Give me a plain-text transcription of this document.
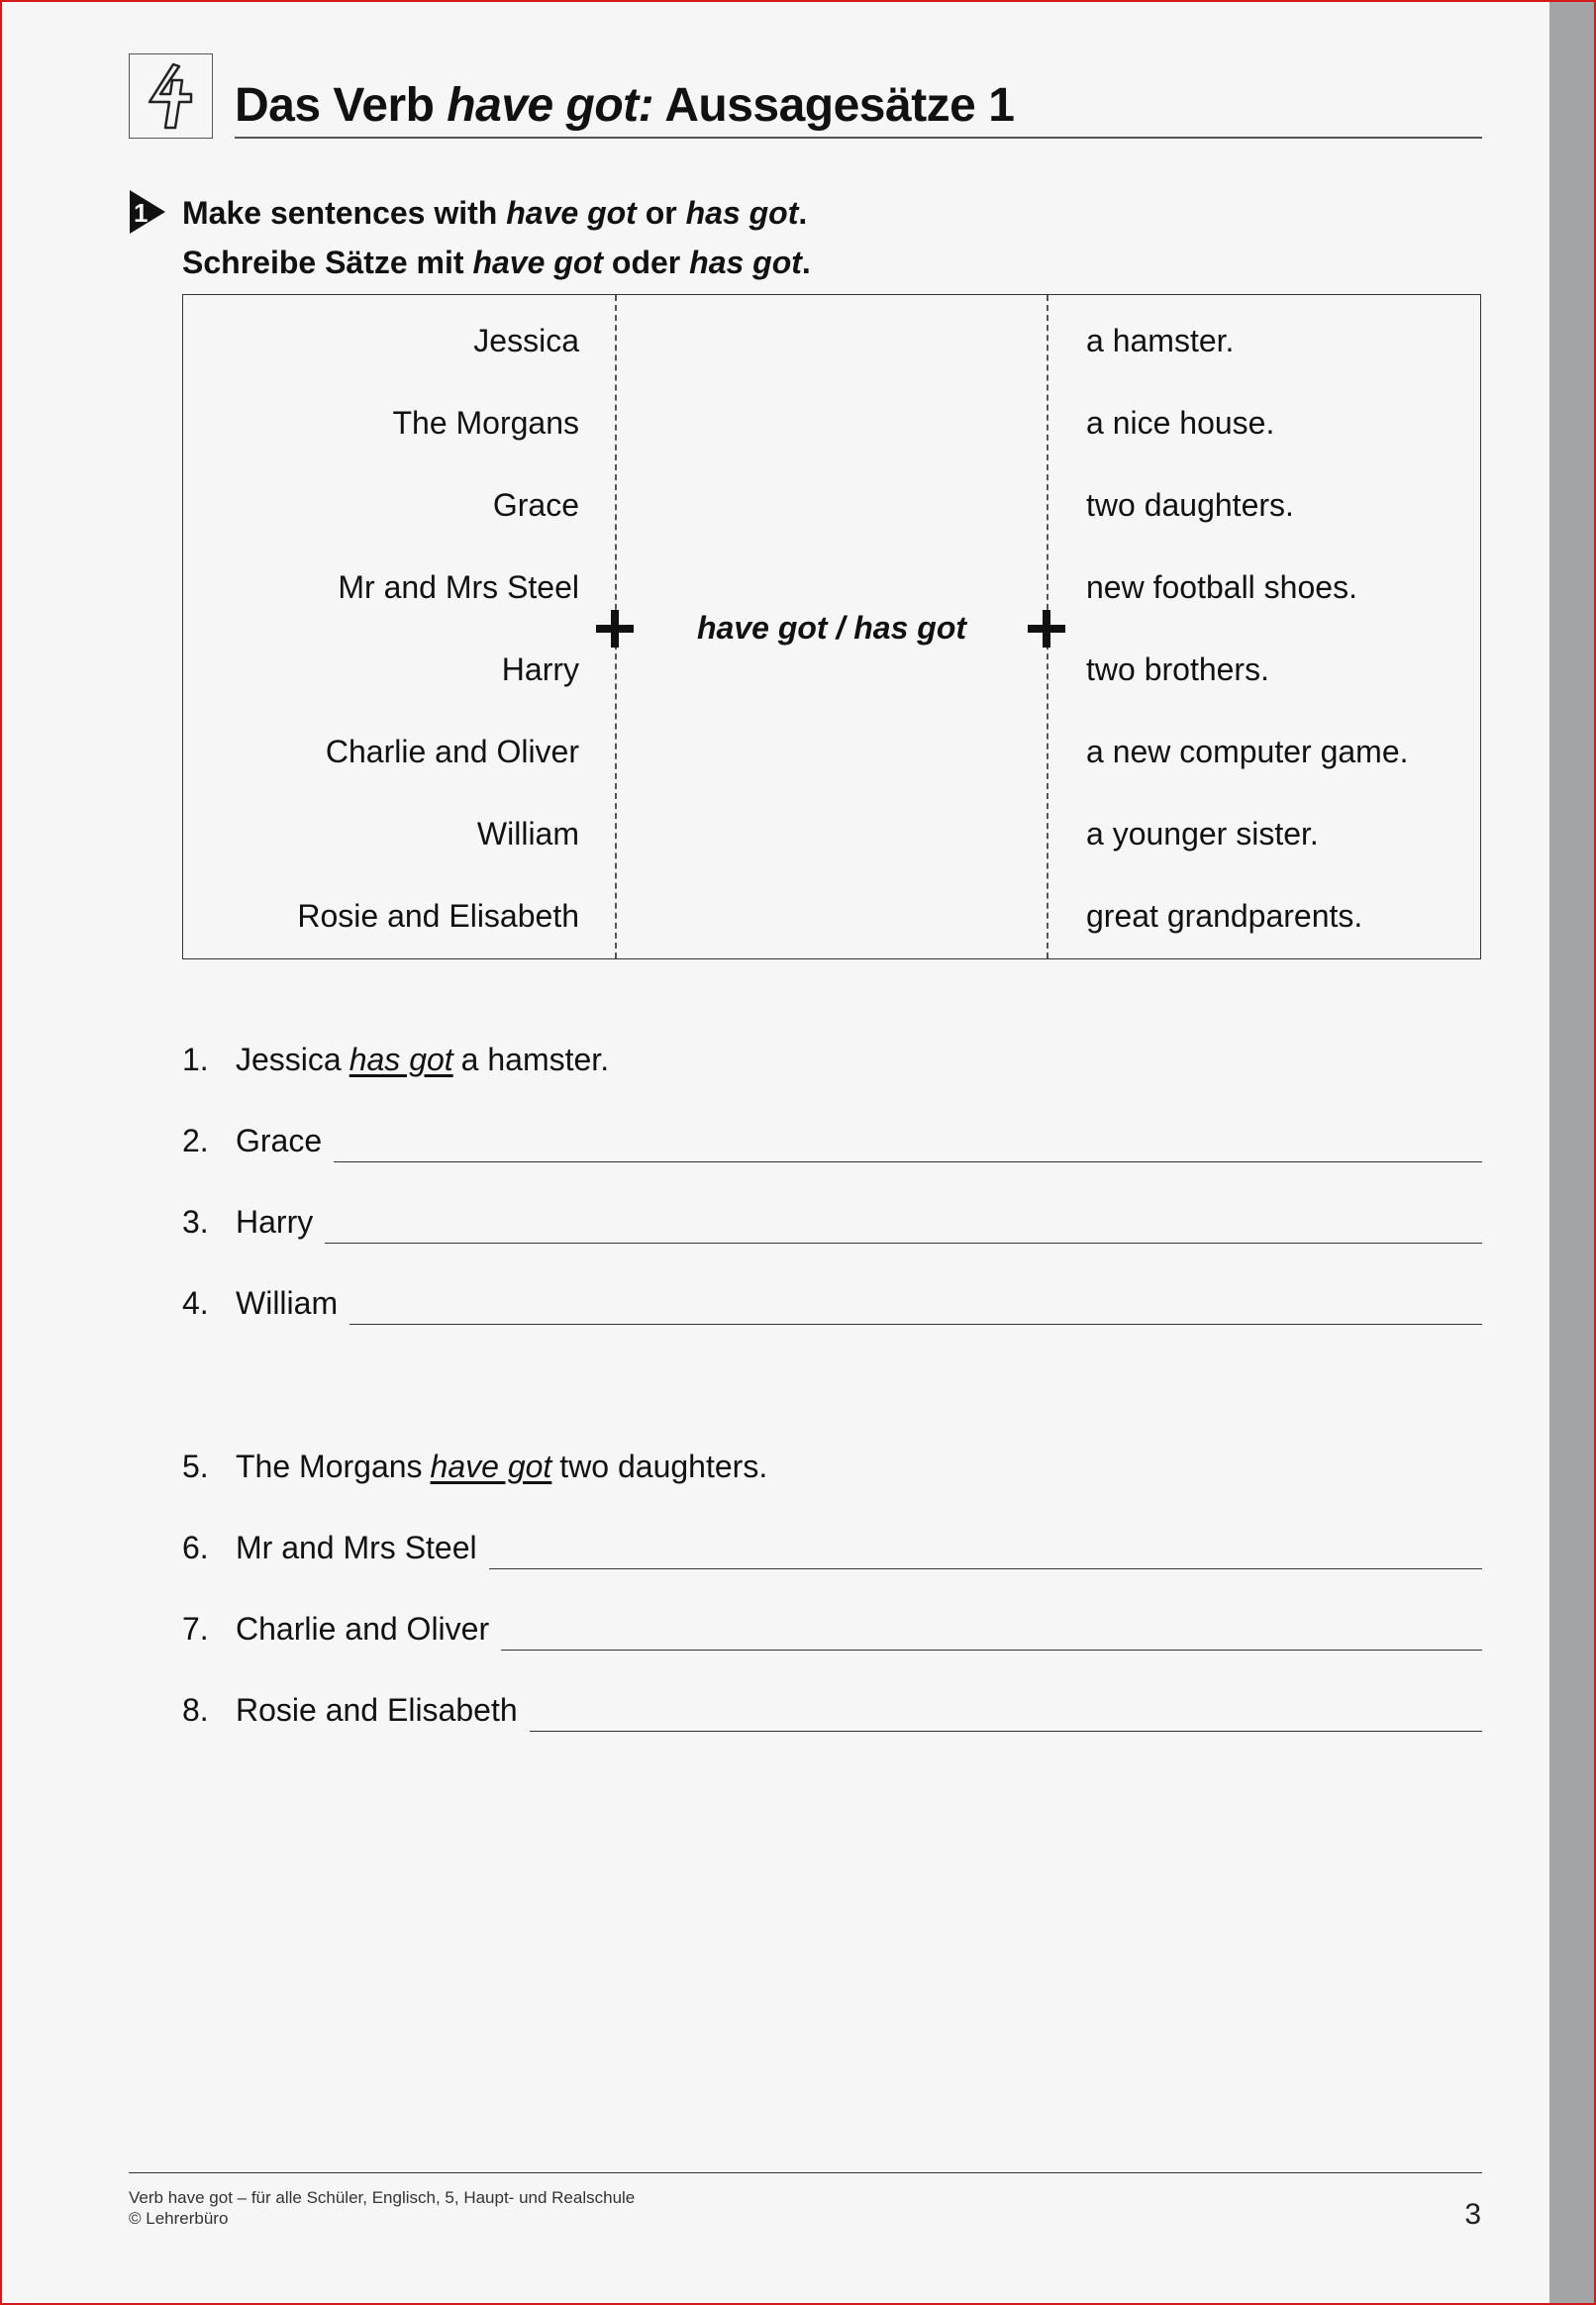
Das Verb have got: Aussagesätze 1
1 Make sentences with have got or has got.
Schreibe Sätze mit have got oder has got.
Jessica
The Morgans
Grace
Mr and Mrs Steel
Harry
Charlie and Oliver
William
Rosie and Elisabeth
have got / has got
a hamster.
a nice house.
two daughters.
new football shoes.
two brothers.
a new computer game.
a younger sister.
great grandparents.
1. Jessica has got a hamster.
2. Grace
3. Harry
4. William
5. The Morgans have got two daughters.
6. Mr and Mrs Steel
7. Charlie and Oliver
8. Rosie and Elisabeth
Verb have got – für alle Schüler, Englisch, 5, Haupt- und Realschule
© Lehrerbüro	3
